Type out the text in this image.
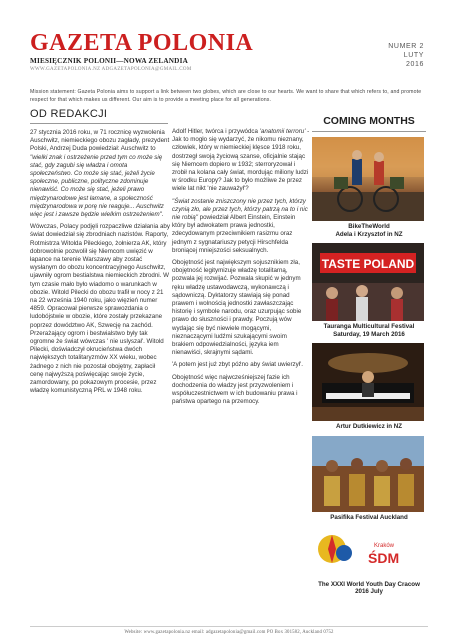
GAZETA POLONIA
MIESIĘCZNIK POLONII—NOWA ZELANDIA
WWW.GAZETAPOLONIA.NZ ADGAZETAPOLONIA@GMAIL.COM
NUMER 2
LUTY
2016
Mission statement: Gazeta Polonia aims to support a link between two globes, which are close to our hearts. We want to share that which refers to, and promote respect for that which makes us different. Our aim is to provide a meeting place for all generations.
OD REDAKCJI

27 stycznia 2016 roku, w 71 rocznicę wyzwolenia Auschwitz, niemieckiego obozu zagłady, prezydent Polski, Andrzej Duda powiedział: Auschwitz to "wielki znak i ostrzeżenie przed tym co może się stać, gdy zagubi się władza i omota społeczeństwo. Co może się stać, jeżeli życie społeczne, publiczne, polityczne zdominuje nienawiść. Co może się stać, jeżeli prawo międzynarodowe jest łamane, a społeczność międzynarodowa w porę nie reaguje... Auschwitz więc jest i zawsze będzie wielkim ostrzeżeniem".

Wówczas, Polacy podjęli rozpaczliwe działania aby świat dowiedział się zbrodniach nazistów. Raporty, Rotmistrza Witolda Pileckiego, żołnierza AK, który dobrowolnie pozwolił się Niemcom uwięzić w łapance na terenie Warszawy aby zostać wysłanym do obozu koncentracyjnego Auschwitz, ujawniły ogrom bestialstwa niemieckich zbrodni. W tym czasie mało było wiadomo o warunkach w obozie. Witold Pilecki do obozu trafił w nocy z 21 na 22 września 1940 roku, jako więzień numer 4859. Opracował pierwsze sprawozdania o ludobójstwie w obozie, które zostały przekazane poprzez dowództwo AK, Szwecję na zachód. Przerażający ogrom i bestwialstwo były tak ogromne że świat wówczas ' nie uslyszał'. Witold Pilecki, doświadczył okrucieństwa dwóch największych totalitaryzmów XX wieku, wobec żadnego z nich nie pozostał obojętny, zapłacił cenę najwyższą poświęcając swoje życie, zamordowany, po pokazowym procesie, przez władzę komunistyczną PRL w 1948 roku.

Adolf Hitler, twórca i przywódca 'anatomii terroru' - Jak to mogło się wydarzyć, że nikomu nieznany, człowiek, który w niemieckiej klęsce 1918 roku, dostrzegł swoją życiową szanse, oficjalnie stając się Niemcem dopiero w 1932; sterroryzował i zrobił na kolana cały świat, mordując miliony ludzi w środku Europy? Jak to było możliwe że przez wiele lat nikt 'nie zauważył'?

"Świat zostanie zniszczony nie przez tych, którzy czynią zło, ale przez tych, którzy patrzą na to i nic nie robią" powiedział Albert Einstein, Einstein który był adwokatem prawa jednostki, zdecydowanym przeciwnikiem rasizmu oraz jednym z sygnatariuszy petycji Hirschfelda broniącej mniejszości seksualnych.

Obojętność jest największym sojusznikiem zła, obojętność legitymizuje władzę totalitarną, pozwala jej rozwijać. Pozwala skupić w jednym ręku władzę ustawodawczą, wykonawczą i sądowniczą. Dyktatorzy stawiają się ponad prawem i wolnością jednostki zawłaszczając historię i symbole narodu, oraz uzurpując sobie prawo do słuszności i prawdy. Poczują wów wydając się być niewiele mogącymi, nieznaczącymi ludźmi szukającymi swoim brakiem odpowiedzialności, języka iem nienawiści, skrajnymi sądami.

'A potem jest już zbyt późno aby świat uwierzył'.

Obojętność więc najwcześniejszej fazie ich dochodzenia do władzy jest przyzwoleniem i współuczestnictwem w ich budowaniu prawa i państwa opartego na przemocy.

COMING MONTHS
BikeTheWorld
Adela i Krzysztof in NZ
TASTE POLAND
Tauranga Multicultural Festival Saturday, 19 March 2016
Artur Dutkiewicz in NZ
Pasifika Festival Auckland
Kraków
ŚDM
The XXXI World Youth Day Cracow 2016 July
Website: www.gazetapolonia.nz email: adgazetapolonia@gmail.com PO Box 301582, Auckland 0752
